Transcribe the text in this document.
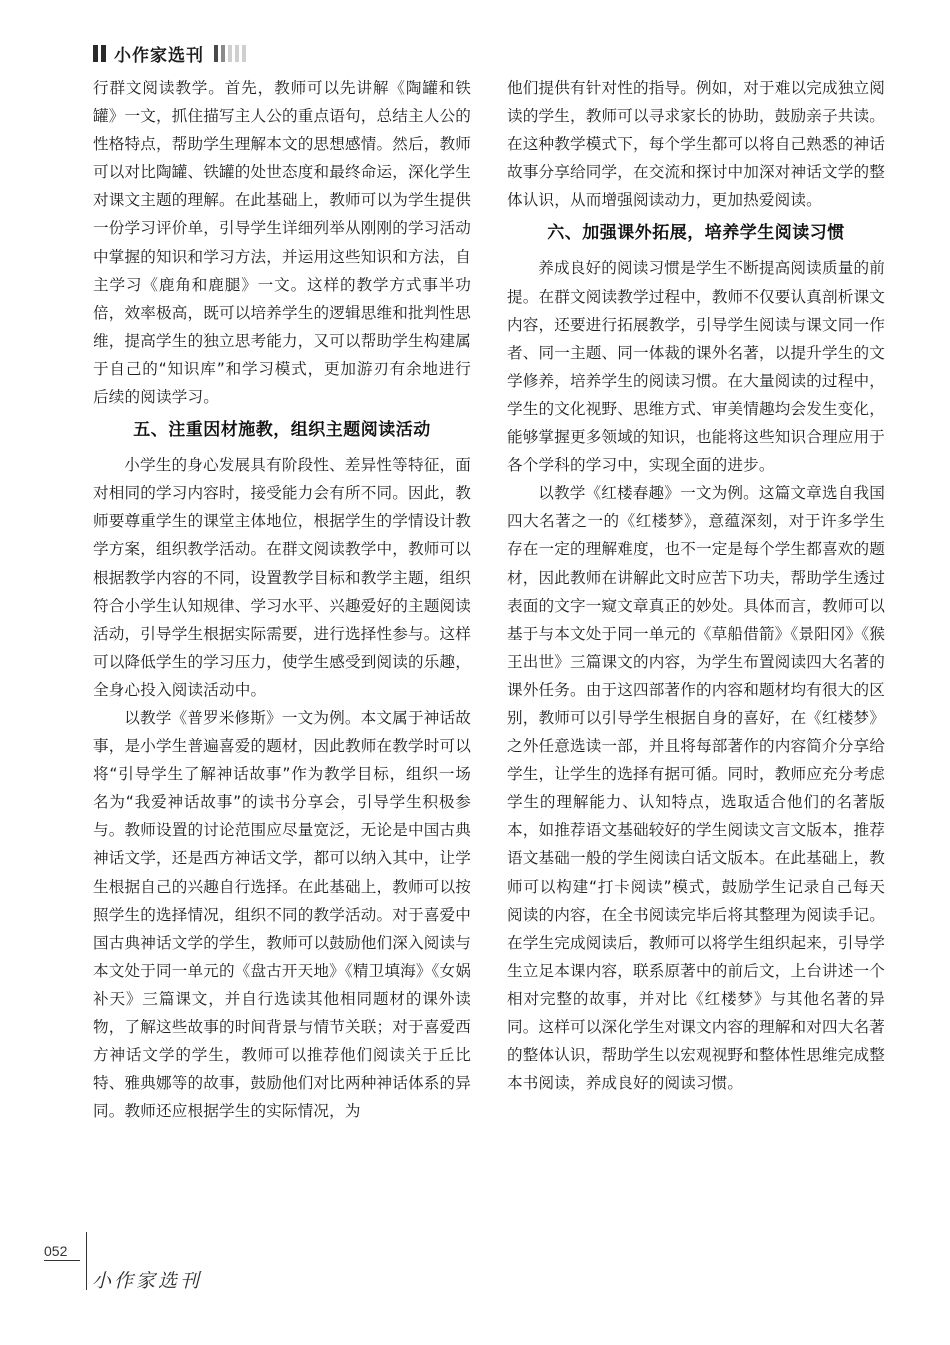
小作家选刊

行群文阅读教学。首先，教师可以先讲解《陶罐和铁罐》一文，抓住描写主人公的重点语句，总结主人公的性格特点，帮助学生理解本文的思想感情。然后，教师可以对比陶罐、铁罐的处世态度和最终命运，深化学生对课文主题的理解。在此基础上，教师可以为学生提供一份学习评价单，引导学生详细列举从刚刚的学习活动中掌握的知识和学习方法，并运用这些知识和方法，自主学习《鹿角和鹿腿》一文。这样的教学方式事半功倍，效率极高，既可以培养学生的逻辑思维和批判性思维，提高学生的独立思考能力，又可以帮助学生构建属于自己的“知识库”和学习模式，更加游刃有余地进行后续的阅读学习。

五、注重因材施教，组织主题阅读活动

小学生的身心发展具有阶段性、差异性等特征，面对相同的学习内容时，接受能力会有所不同。因此，教师要尊重学生的课堂主体地位，根据学生的学情设计教学方案，组织教学活动。在群文阅读教学中，教师可以根据教学内容的不同，设置教学目标和教学主题，组织符合小学生认知规律、学习水平、兴趣爱好的主题阅读活动，引导学生根据实际需要，进行选择性参与。这样可以降低学生的学习压力，使学生感受到阅读的乐趣，全身心投入阅读活动中。

以教学《普罗米修斯》一文为例。本文属于神话故事，是小学生普遍喜爱的题材，因此教师在教学时可以将“引导学生了解神话故事”作为教学目标，组织一场名为“我爱神话故事”的读书分享会，引导学生积极参与。教师设置的讨论范围应尽量宽泛，无论是中国古典神话文学，还是西方神话文学，都可以纳入其中，让学生根据自己的兴趣自行选择。在此基础上，教师可以按照学生的选择情况，组织不同的教学活动。对于喜爱中国古典神话文学的学生，教师可以鼓励他们深入阅读与本文处于同一单元的《盘古开天地》《精卫填海》《女娲补天》三篇课文，并自行选读其他相同题材的课外读物，了解这些故事的时间背景与情节关联；对于喜爱西方神话文学的学生，教师可以推荐他们阅读关于丘比特、雅典娜等的故事，鼓励他们对比两种神话体系的异同。教师还应根据学生的实际情况，为

他们提供有针对性的指导。例如，对于难以完成独立阅读的学生，教师可以寻求家长的协助，鼓励亲子共读。在这种教学模式下，每个学生都可以将自己熟悉的神话故事分享给同学，在交流和探讨中加深对神话文学的整体认识，从而增强阅读动力，更加热爱阅读。

六、加强课外拓展，培养学生阅读习惯

养成良好的阅读习惯是学生不断提高阅读质量的前提。在群文阅读教学过程中，教师不仅要认真剖析课文内容，还要进行拓展教学，引导学生阅读与课文同一作者、同一主题、同一体裁的课外名著，以提升学生的文学修养，培养学生的阅读习惯。在大量阅读的过程中，学生的文化视野、思维方式、审美情趣均会发生变化，能够掌握更多领域的知识，也能将这些知识合理应用于各个学科的学习中，实现全面的进步。

以教学《红楼春趣》一文为例。这篇文章选自我国四大名著之一的《红楼梦》，意蕴深刻，对于许多学生存在一定的理解难度，也不一定是每个学生都喜欢的题材，因此教师在讲解此文时应苦下功夫，帮助学生透过表面的文字一窥文章真正的妙处。具体而言，教师可以基于与本文处于同一单元的《草船借箭》《景阳冈》《猴王出世》三篇课文的内容，为学生布置阅读四大名著的课外任务。由于这四部著作的内容和题材均有很大的区别，教师可以引导学生根据自身的喜好，在《红楼梦》之外任意选读一部，并且将每部著作的内容简介分享给学生，让学生的选择有据可循。同时，教师应充分考虑学生的理解能力、认知特点，选取适合他们的名著版本，如推荐语文基础较好的学生阅读文言文版本，推荐语文基础一般的学生阅读白话文版本。在此基础上，教师可以构建“打卡阅读”模式，鼓励学生记录自己每天阅读的内容，在全书阅读完毕后将其整理为阅读手记。在学生完成阅读后，教师可以将学生组织起来，引导学生立足本课内容，联系原著中的前后文，上台讲述一个相对完整的故事，并对比《红楼梦》与其他名著的异同。这样可以深化学生对课文内容的理解和对四大名著的整体认识，帮助学生以宏观视野和整体性思维完成整本书阅读，养成良好的阅读习惯。

052
小作家选刊
